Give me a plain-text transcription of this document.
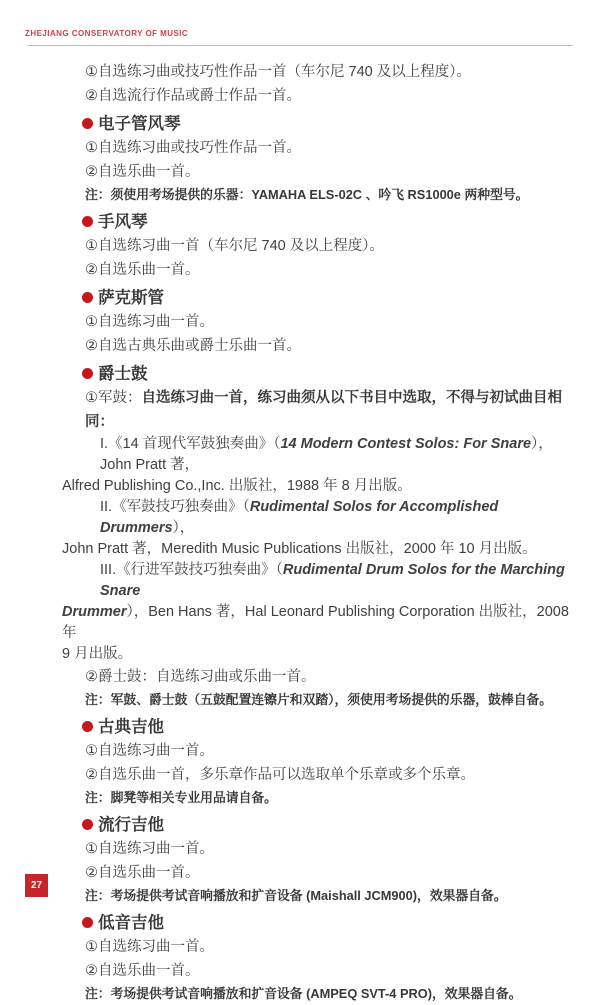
ZHEJIANG CONSERVATORY OF MUSIC
①自选练习曲或技巧性作品一首（车尔尼 740 及以上程度）。
②自选流行作品或爵士作品一首。
电子管风琴
①自选练习曲或技巧性作品一首。
②自选乐曲一首。
注：须使用考场提供的乐器：YAMAHA ELS-02C 、吟飞 RS1000e 两种型号。
手风琴
①自选练习曲一首（车尔尼 740 及以上程度）。
②自选乐曲一首。
萨克斯管
①自选练习曲一首。
②自选古典乐曲或爵士乐曲一首。
爵士鼓
①军鼓：自选练习曲一首，练习曲须从以下书目中选取，不得与初试曲目相同：
I.《14 首现代军鼓独奏曲》（14 Modern Contest Solos: For Snare），John Pratt 著，
Alfred Publishing Co.,Inc. 出版社，1988 年 8 月出版。
II.《军鼓技巧独奏曲》（Rudimental Solos for Accomplished Drummers），
John Pratt 著，Meredith Music Publications 出版社，2000 年 10 月出版。
III.《行进军鼓技巧独奏曲》（Rudimental Drum Solos for the Marching Snare
Drummer），Ben Hans 著，Hal Leonard Publishing Corporation 出版社，2008 年
9 月出版。
②爵士鼓：自选练习曲或乐曲一首。
注：军鼓、爵士鼓（五鼓配置连镲片和双踏），须使用考场提供的乐器，鼓棒自备。
古典吉他
①自选练习曲一首。
②自选乐曲一首，多乐章作品可以选取单个乐章或多个乐章。
注：脚凳等相关专业用品请自备。
流行吉他
①自选练习曲一首。
②自选乐曲一首。
注：考场提供考试音响播放和扩音设备 (Maishall JCM900)，效果器自备。
低音吉他
①自选练习曲一首。
②自选乐曲一首。
注：考场提供考试音响播放和扩音设备 (AMPEQ SVT-4 PRO)，效果器自备。
27
